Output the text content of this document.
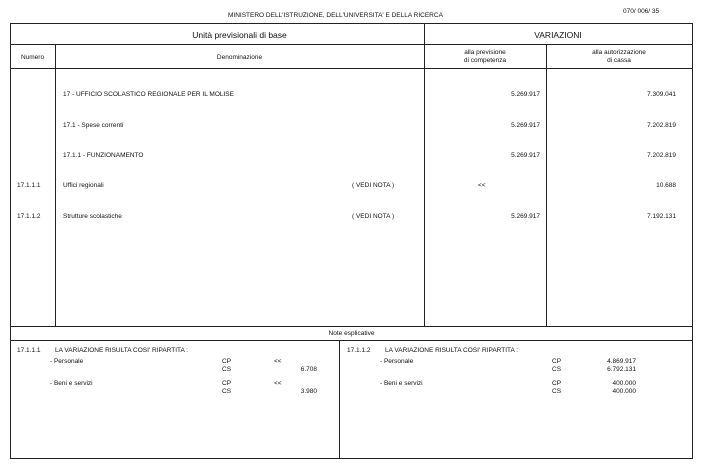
MINISTERO DELL'ISTRUZIONE, DELL'UNIVERSITA' E DELLA RICERCA
070/ 006/ 35
Unità previsionali di base	VARIAZIONI
Numero	Denominazione
alla previsione
di competenza
alla autorizzazione
di cassa
17 - UFFICIO SCOLASTICO REGIONALE PER IL MOLISE	5.269.917	7.309.041
17.1 - Spese correnti	5.269.917	7.202.819
17.1.1 - FUNZIONAMENTO	5.269.917	7.202.819
17.1.1.1	Uffici regionali	( VEDI NOTA )	<<	10.688
17.1.1.2	Strutture scolastiche	( VEDI NOTA )	5.269.917	7.192.131
Note esplicative
17.1.1.1 LA VARIAZIONE RISULTA COSI' RIPARTITA :
- Personale	CP	<<
CS	6.708
- Beni e servizi	CP	<<
CS	3.980
17.1.1.2 LA VARIAZIONE RISULTA COSI' RIPARTITA :
- Personale	CP	4.869.917
CS	6.792.131
- Beni e servizi	CP	400.000
CS	400.000
